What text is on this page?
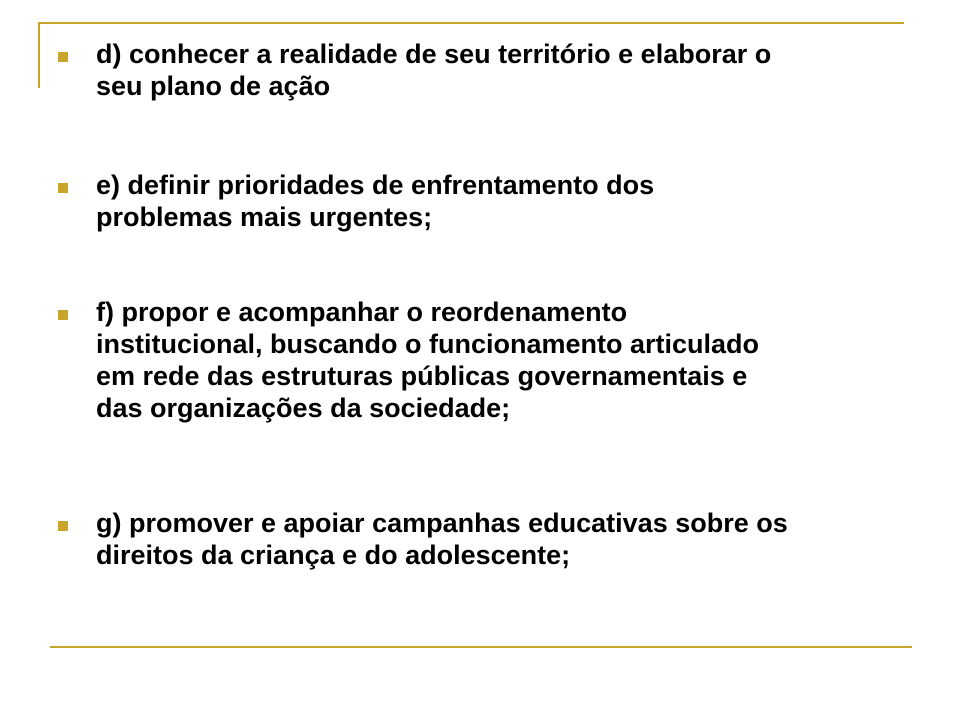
d) conhecer a realidade de seu território e elaborar o
seu plano de ação
e) definir prioridades de enfrentamento dos
problemas mais urgentes;
f) propor e acompanhar o reordenamento
institucional, buscando o funcionamento articulado
em rede das estruturas públicas governamentais e
das organizações da sociedade;
g) promover e apoiar campanhas educativas sobre os
direitos da criança e do adolescente;
